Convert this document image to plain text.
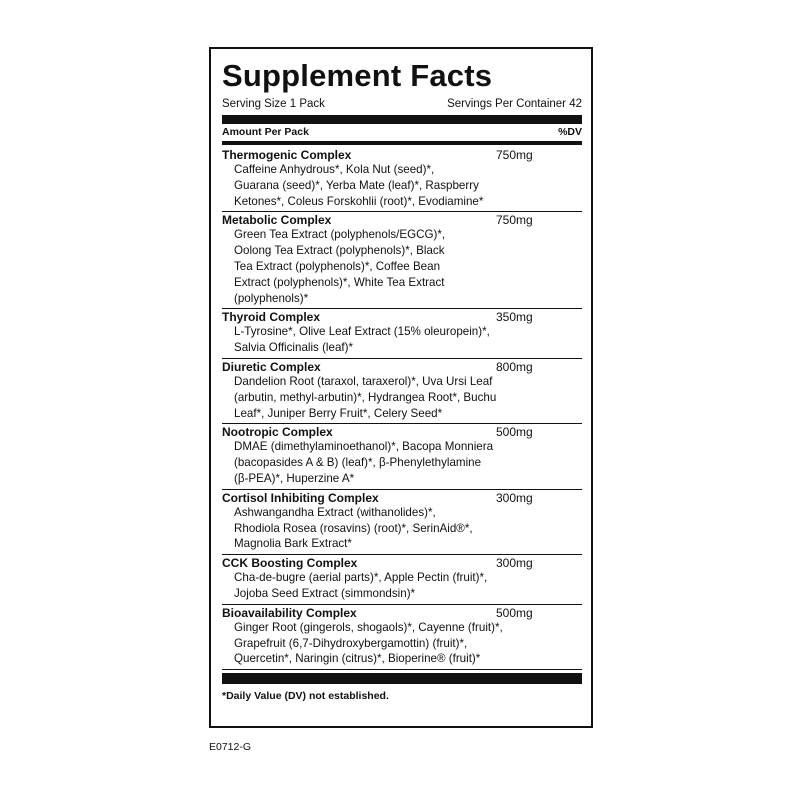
Supplement Facts
Serving Size 1 Pack	Servings Per Container 42
Amount Per Pack	%DV
Thermogenic Complex	750mg
Caffeine Anhydrous*, Kola Nut (seed)*,
Guarana (seed)*, Yerba Mate (leaf)*, Raspberry
Ketones*, Coleus Forskohlii (root)*, Evodiamine*
Metabolic Complex	750mg
Green Tea Extract (polyphenols/EGCG)*,
Oolong Tea Extract (polyphenols)*, Black
Tea Extract (polyphenols)*, Coffee Bean
Extract (polyphenols)*, White Tea Extract
(polyphenols)*
Thyroid Complex	350mg
L-Tyrosine*, Olive Leaf Extract (15% oleuropein)*,
Salvia Officinalis (leaf)*
Diuretic Complex	800mg
Dandelion Root (taraxol, taraxerol)*, Uva Ursi Leaf
(arbutin, methyl-arbutin)*, Hydrangea Root*, Buchu
Leaf*, Juniper Berry Fruit*, Celery Seed*
Nootropic Complex	500mg
DMAE (dimethylaminoethanol)*, Bacopa Monniera
(bacopasides A & B) (leaf)*, β-Phenylethylamine
(β-PEA)*, Huperzine A*
Cortisol Inhibiting Complex	300mg
Ashwangandha Extract (withanolides)*,
Rhodiola Rosea (rosavins) (root)*, SerinAid®*,
Magnolia Bark Extract*
CCK Boosting Complex	300mg
Cha-de-bugre (aerial parts)*, Apple Pectin (fruit)*,
Jojoba Seed Extract (simmondsin)*
Bioavailability Complex	500mg
Ginger Root (gingerols, shogaols)*, Cayenne (fruit)*,
Grapefruit (6,7-Dihydroxybergamottin) (fruit)*,
Quercetin*, Naringin (citrus)*, Bioperine® (fruit)*
*Daily Value (DV) not established.
E0712-G
